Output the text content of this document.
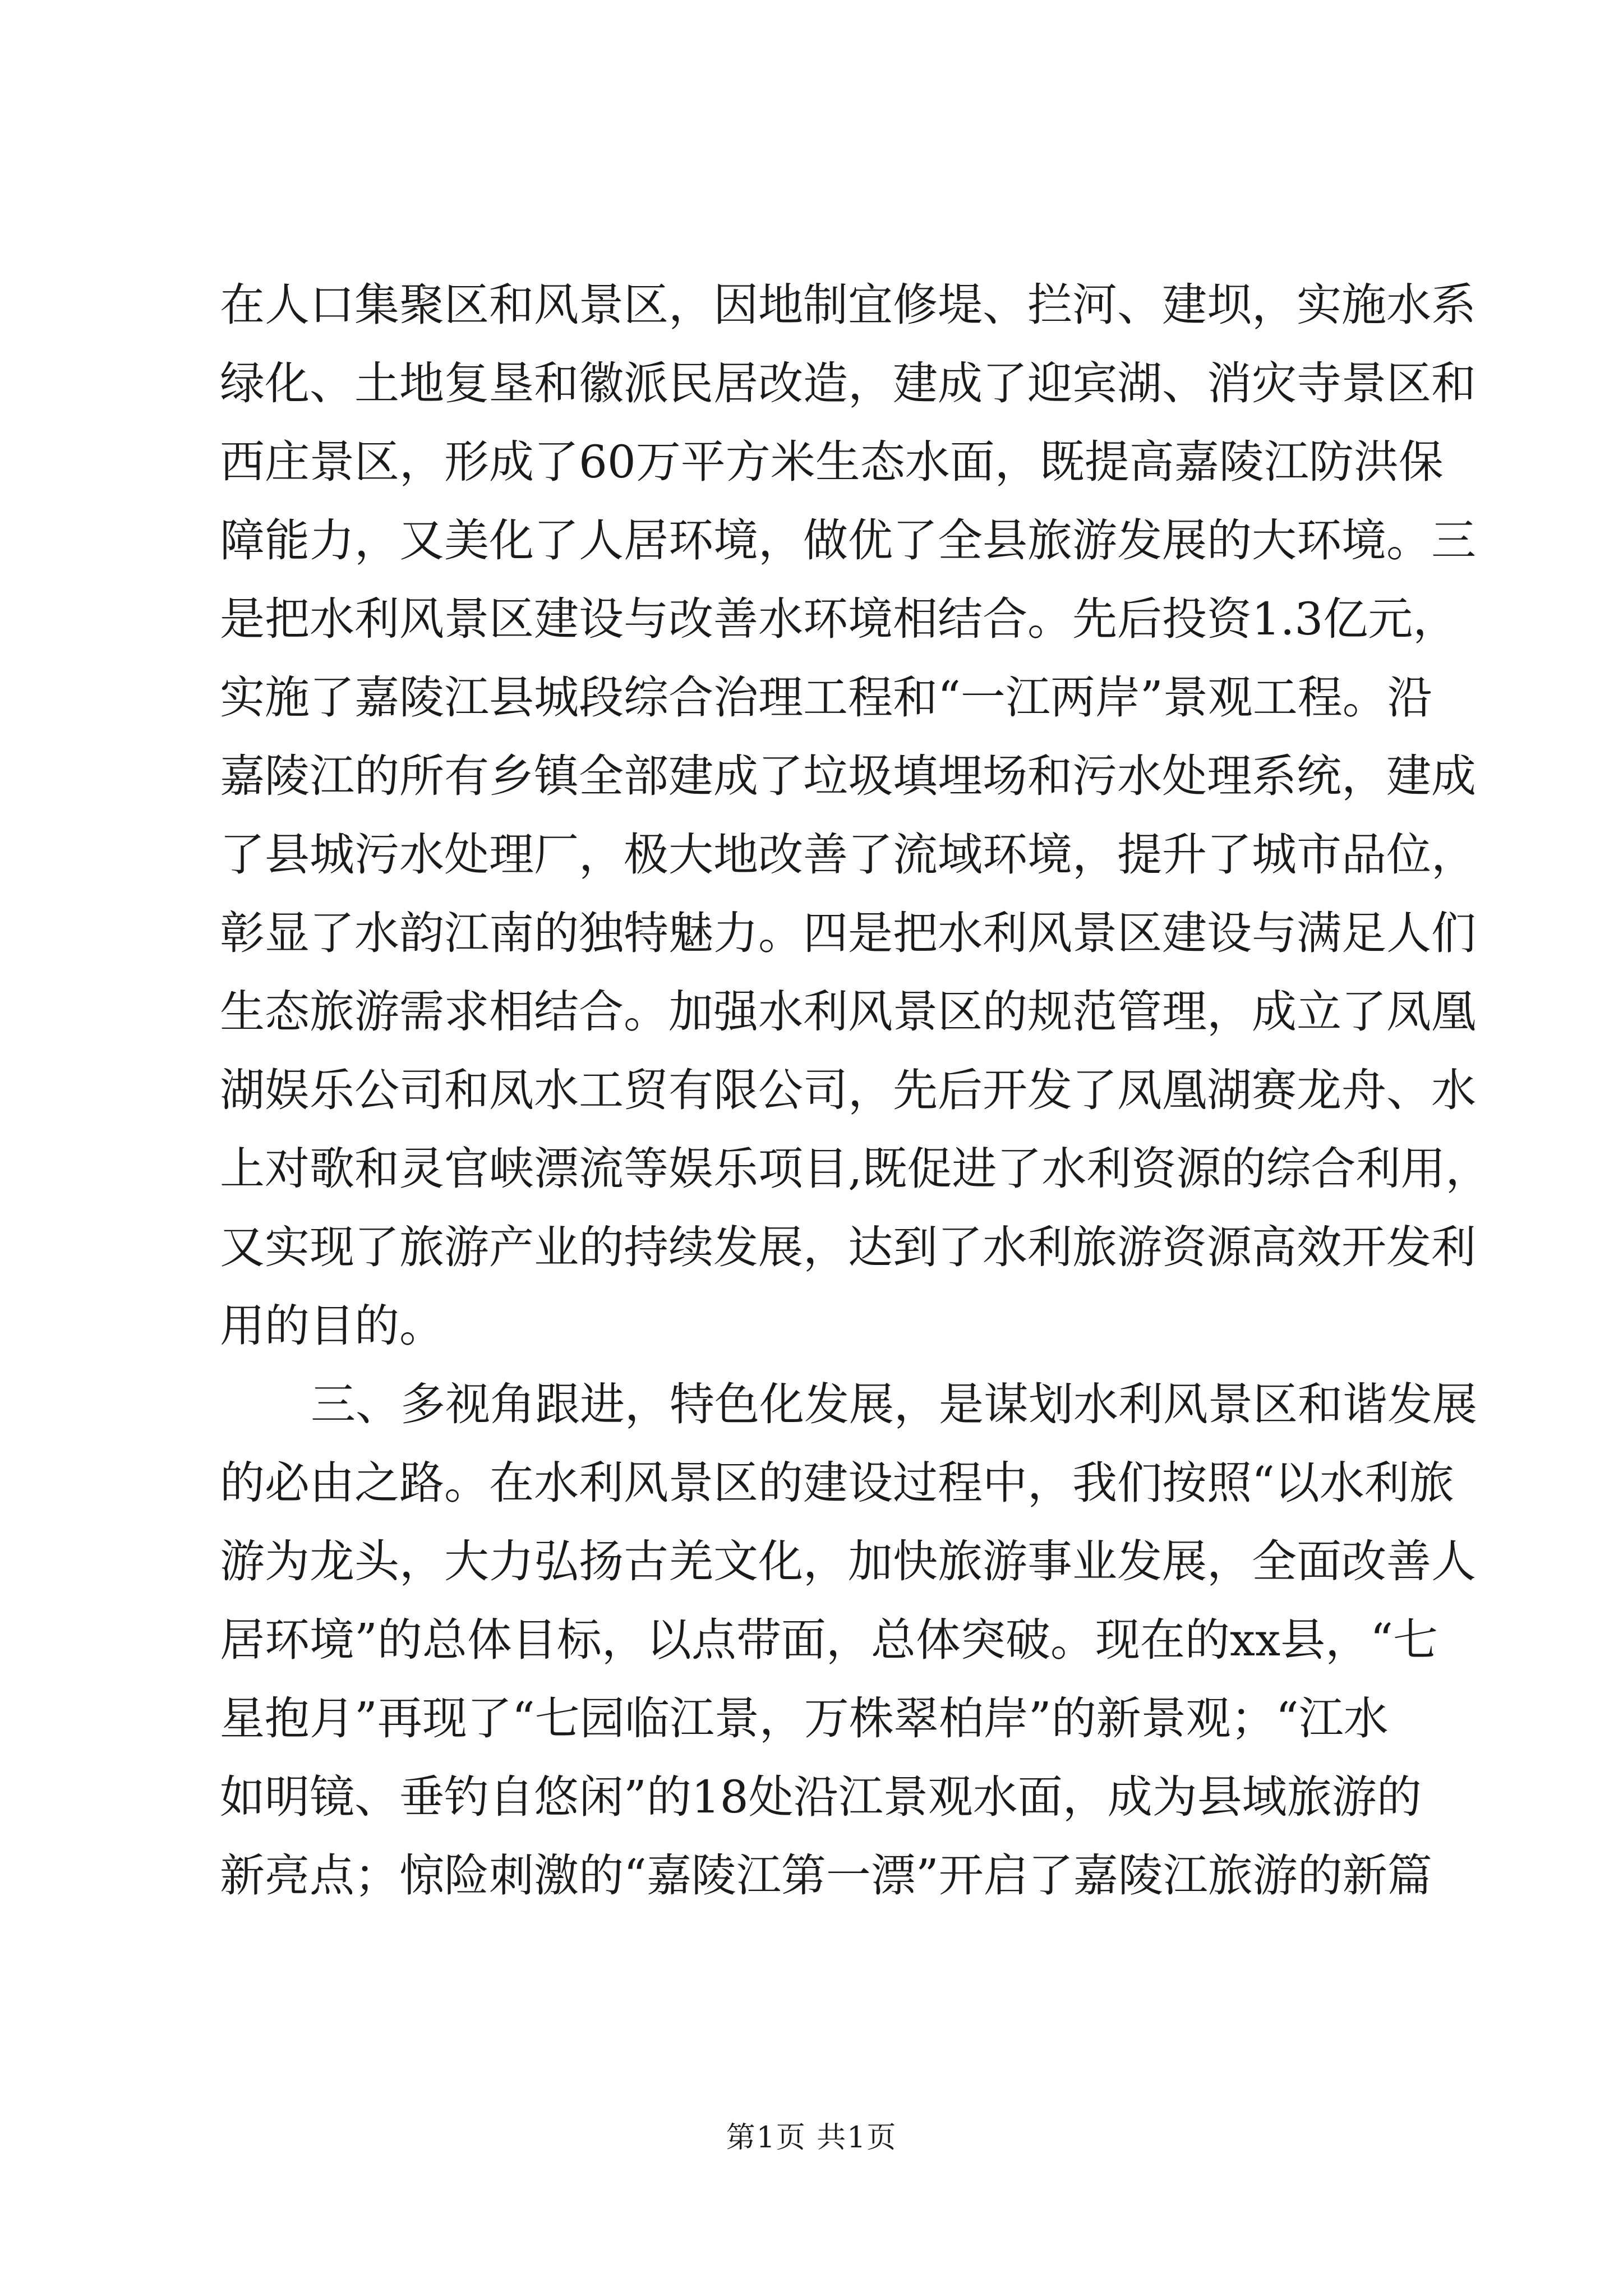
在人口集聚区和风景区，因地制宜修堤、拦河、建坝，实施水系
绿化、土地复垦和徽派民居改造，建成了迎宾湖、消灾寺景区和
西庄景区，形成了60万平方米生态水面，既提高嘉陵江防洪保
障能力，又美化了人居环境，做优了全县旅游发展的大环境。三
是把水利风景区建设与改善水环境相结合。先后投资1.3亿元，
实施了嘉陵江县城段综合治理工程和“一江两岸”景观工程。沿
嘉陵江的所有乡镇全部建成了垃圾填埋场和污水处理系统，建成
了县城污水处理厂，极大地改善了流域环境，提升了城市品位，
彰显了水韵江南的独特魅力。四是把水利风景区建设与满足人们
生态旅游需求相结合。加强水利风景区的规范管理，成立了凤凰
湖娱乐公司和凤水工贸有限公司，先后开发了凤凰湖赛龙舟、水
上对歌和灵官峡漂流等娱乐项目,既促进了水利资源的综合利用，
又实现了旅游产业的持续发展，达到了水利旅游资源高效开发利
用的目的。
三、多视角跟进，特色化发展，是谋划水利风景区和谐发展
的必由之路。在水利风景区的建设过程中，我们按照“以水利旅
游为龙头，大力弘扬古羌文化，加快旅游事业发展，全面改善人
居环境”的总体目标，以点带面，总体突破。现在的xx县，“七
星抱月”再现了“七园临江景，万株翠柏岸”的新景观；“江水
如明镜、垂钓自悠闲”的18处沿江景观水面，成为县域旅游的
新亮点；惊险刺激的“嘉陵江第一漂”开启了嘉陵江旅游的新篇
第1页 共1页
